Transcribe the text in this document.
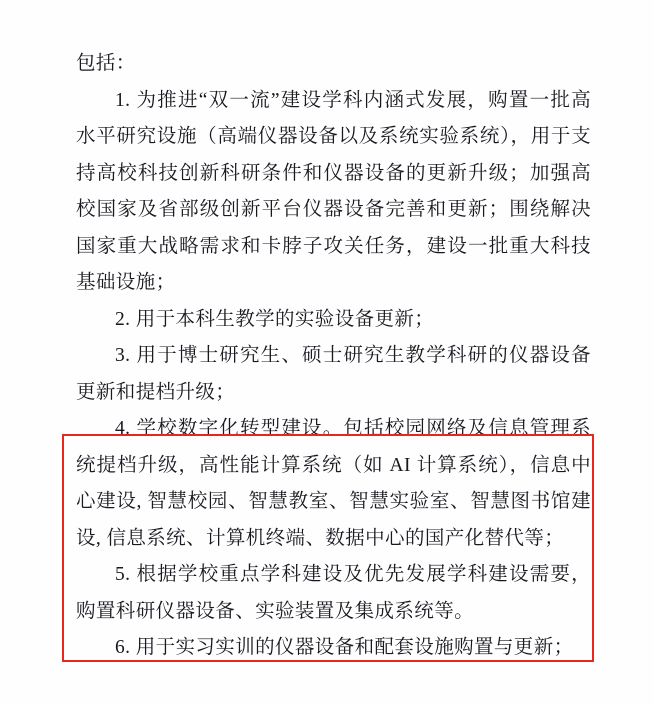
包括：

1. 为推进“双一流”建设学科内涵式发展，购置一批高水平研究设施（高端仪器设备以及系统实验系统），用于支持高校科技创新科研条件和仪器设备的更新升级；加强高校国家及省部级创新平台仪器设备完善和更新；围绕解决国家重大战略需求和卡脖子攻关任务，建设一批重大科技基础设施；

2. 用于本科生教学的实验设备更新；

3. 用于博士研究生、硕士研究生教学科研的仪器设备更新和提档升级；

4. 学校数字化转型建设。包括校园网络及信息管理系统提档升级，高性能计算系统（如 AI 计算系统），信息中心建设, 智慧校园、智慧教室、智慧实验室、智慧图书馆建设, 信息系统、计算机终端、数据中心的国产化替代等；

5. 根据学校重点学科建设及优先发展学科建设需要，购置科研仪器设备、实验装置及集成系统等。

6. 用于实习实训的仪器设备和配套设施购置与更新；
